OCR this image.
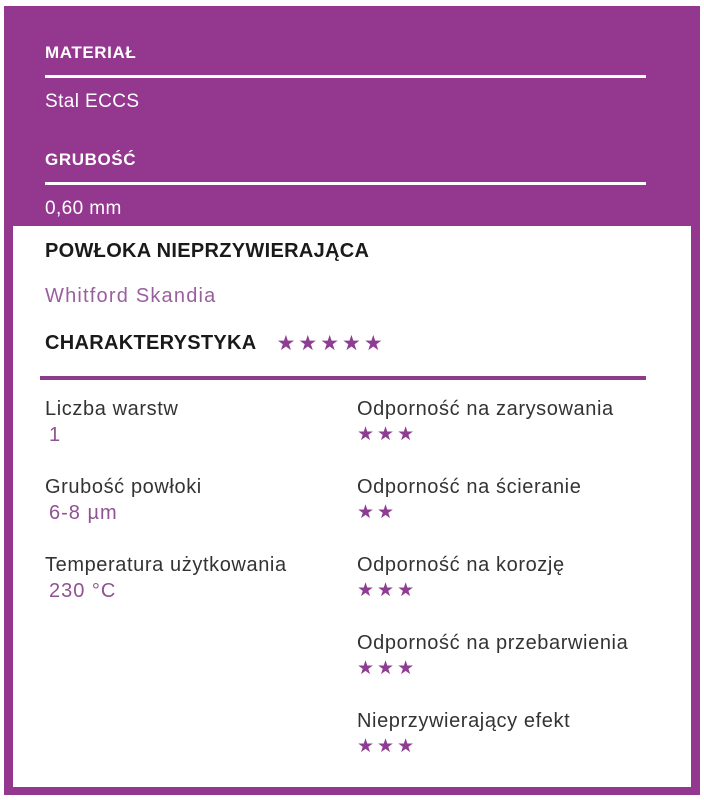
MATERIAŁ
Stal ECCS
GRUBOŚĆ
0,60 mm
POWŁOKA NIEPRZYWIERAJĄCA
Whitford Skandia
CHARAKTERYSTYKA ★★★★★
Liczba warstw
1
Grubość powłoki
6-8 µm
Temperatura użytkowania
230 °C
Odporność na zarysowania
★★★
Odporność na ścieranie
★★
Odporność na korozję
★★★
Odporność na przebarwienia
★★★
Nieprzywierający efekt
★★★
